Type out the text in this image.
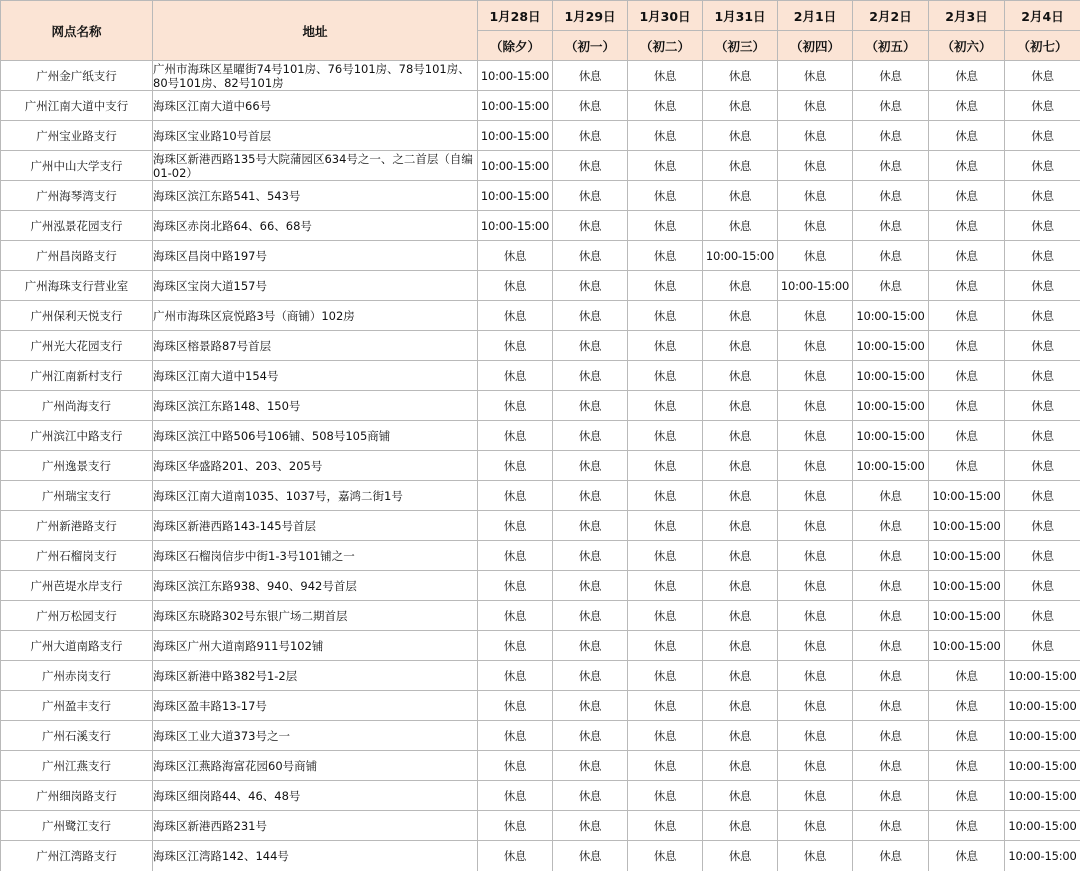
网点名称	地址	1月28日	1月29日	1月30日	1月31日	2月1日	2月2日	2月3日	2月4日
		（除夕）	（初一）	（初二）	（初三）	（初四）	（初五）	（初六）	（初七）
广州金广纸支行	广州市海珠区星曜街74号101房、76号101房、78号101房、80号101房、82号101房	10:00-15:00	休息	休息	休息	休息	休息	休息	休息
广州江南大道中支行	海珠区江南大道中66号	10:00-15:00	休息	休息	休息	休息	休息	休息	休息
广州宝业路支行	海珠区宝业路10号首层	10:00-15:00	休息	休息	休息	休息	休息	休息	休息
广州中山大学支行	海珠区新港西路135号大院蒲园区634号之一、之二首层（自编01-02）	10:00-15:00	休息	休息	休息	休息	休息	休息	休息
广州海琴湾支行	海珠区滨江东路541、543号	10:00-15:00	休息	休息	休息	休息	休息	休息	休息
广州泓景花园支行	海珠区赤岗北路64、66、68号	10:00-15:00	休息	休息	休息	休息	休息	休息	休息
广州昌岗路支行	海珠区昌岗中路197号	休息	休息	休息	10:00-15:00	休息	休息	休息	休息
广州海珠支行营业室	海珠区宝岗大道157号	休息	休息	休息	休息	10:00-15:00	休息	休息	休息
广州保利天悦支行	广州市海珠区宸悦路3号（商铺）102房	休息	休息	休息	休息	休息	10:00-15:00	休息	休息
广州光大花园支行	海珠区榕景路87号首层	休息	休息	休息	休息	休息	10:00-15:00	休息	休息
广州江南新村支行	海珠区江南大道中154号	休息	休息	休息	休息	休息	10:00-15:00	休息	休息
广州尚海支行	海珠区滨江东路148、150号	休息	休息	休息	休息	休息	10:00-15:00	休息	休息
广州滨江中路支行	海珠区滨江中路506号106铺、508号105商铺	休息	休息	休息	休息	休息	10:00-15:00	休息	休息
广州逸景支行	海珠区华盛路201、203、205号	休息	休息	休息	休息	休息	10:00-15:00	休息	休息
广州瑞宝支行	海珠区江南大道南1035、1037号，嘉鸿二街1号	休息	休息	休息	休息	休息	休息	10:00-15:00	休息
广州新港路支行	海珠区新港西路143-145号首层	休息	休息	休息	休息	休息	休息	10:00-15:00	休息
广州石榴岗支行	海珠区石榴岗信步中街1-3号101铺之一	休息	休息	休息	休息	休息	休息	10:00-15:00	休息
广州芭堤水岸支行	海珠区滨江东路938、940、942号首层	休息	休息	休息	休息	休息	休息	10:00-15:00	休息
广州万松园支行	海珠区东晓路302号东银广场二期首层	休息	休息	休息	休息	休息	休息	10:00-15:00	休息
广州大道南路支行	海珠区广州大道南路911号102铺	休息	休息	休息	休息	休息	休息	10:00-15:00	休息
广州赤岗支行	海珠区新港中路382号1-2层	休息	休息	休息	休息	休息	休息	休息	10:00-15:00
广州盈丰支行	海珠区盈丰路13-17号	休息	休息	休息	休息	休息	休息	休息	10:00-15:00
广州石溪支行	海珠区工业大道373号之一	休息	休息	休息	休息	休息	休息	休息	10:00-15:00
广州江燕支行	海珠区江燕路海富花园60号商铺	休息	休息	休息	休息	休息	休息	休息	10:00-15:00
广州细岗路支行	海珠区细岗路44、46、48号	休息	休息	休息	休息	休息	休息	休息	10:00-15:00
广州鹭江支行	海珠区新港西路231号	休息	休息	休息	休息	休息	休息	休息	10:00-15:00
广州江湾路支行	海珠区江湾路142、144号	休息	休息	休息	休息	休息	休息	休息	10:00-15:00
